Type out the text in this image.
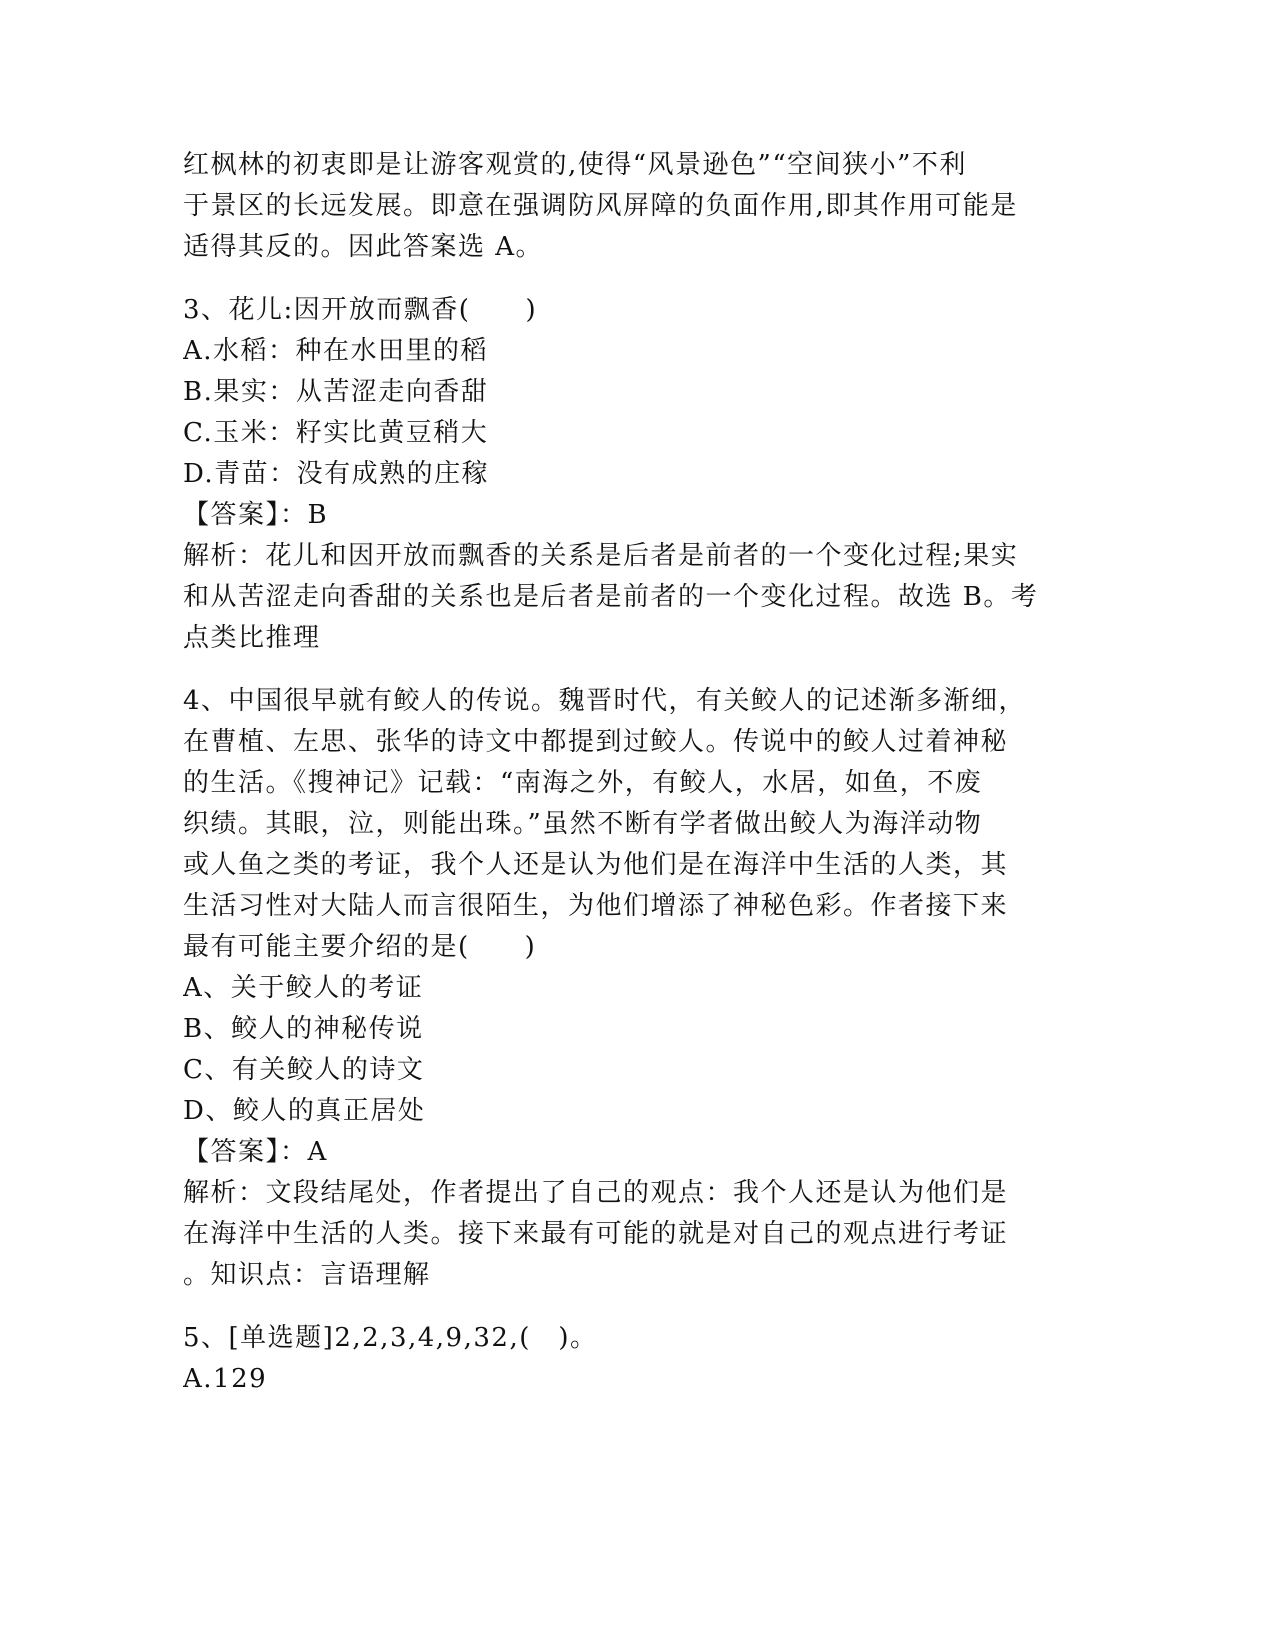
红枫林的初衷即是让游客观赏的,使得“风景逊色”“空间狭小”不利
于景区的长远发展。即意在强调防风屏障的负面作用,即其作用可能是
适得其反的。因此答案选 A。
3、花儿:因开放而飘香(　　)
A.水稻：种在水田里的稻
B.果实：从苦涩走向香甜
C.玉米：籽实比黄豆稍大
D.青苗：没有成熟的庄稼
【答案】：B
解析：花儿和因开放而飘香的关系是后者是前者的一个变化过程;果实
和从苦涩走向香甜的关系也是后者是前者的一个变化过程。故选 B。考
点类比推理
4、中国很早就有鲛人的传说。魏晋时代，有关鲛人的记述渐多渐细，
在曹植、左思、张华的诗文中都提到过鲛人。传说中的鲛人过着神秘
的生活。《搜神记》记载：“南海之外，有鲛人，水居，如鱼，不废
织绩。其眼，泣，则能出珠。”虽然不断有学者做出鲛人为海洋动物
或人鱼之类的考证，我个人还是认为他们是在海洋中生活的人类，其
生活习性对大陆人而言很陌生，为他们增添了神秘色彩。作者接下来
最有可能主要介绍的是(　　)
A、关于鲛人的考证
B、鲛人的神秘传说
C、有关鲛人的诗文
D、鲛人的真正居处
【答案】：A
解析：文段结尾处，作者提出了自己的观点：我个人还是认为他们是
在海洋中生活的人类。接下来最有可能的就是对自己的观点进行考证
。知识点：言语理解
5、[单选题]2,2,3,4,9,32,(　)。
A.129
